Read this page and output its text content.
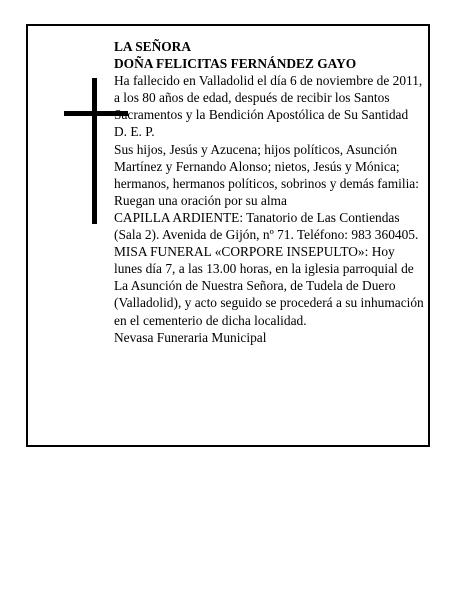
LA SEÑORA

DOÑA FELICITAS FERNÁNDEZ GAYO

Ha fallecido en Valladolid el día 6 de noviembre de 2011, a los 80 años de edad, después de recibir los Santos Sacramentos y la Bendición Apostólica de Su Santidad

D. E. P.

Sus hijos, Jesús y Azucena; hijos políticos, Asunción Martínez y Fernando Alonso; nietos, Jesús y Mónica; hermanos, hermanos políticos, sobrinos y demás familia:

Ruegan una oración por su alma

CAPILLA ARDIENTE: Tanatorio de Las Contiendas (Sala 2). Avenida de Gijón, nº 71. Teléfono: 983 360405.

MISA FUNERAL «CORPORE INSEPULTO»: Hoy lunes día 7, a las 13.00 horas, en la iglesia parroquial de La Asunción de Nuestra Señora, de Tudela de Duero (Valladolid), y acto seguido se procederá a su inhumación en el cementerio de dicha localidad.

Nevasa Funeraria Municipal
